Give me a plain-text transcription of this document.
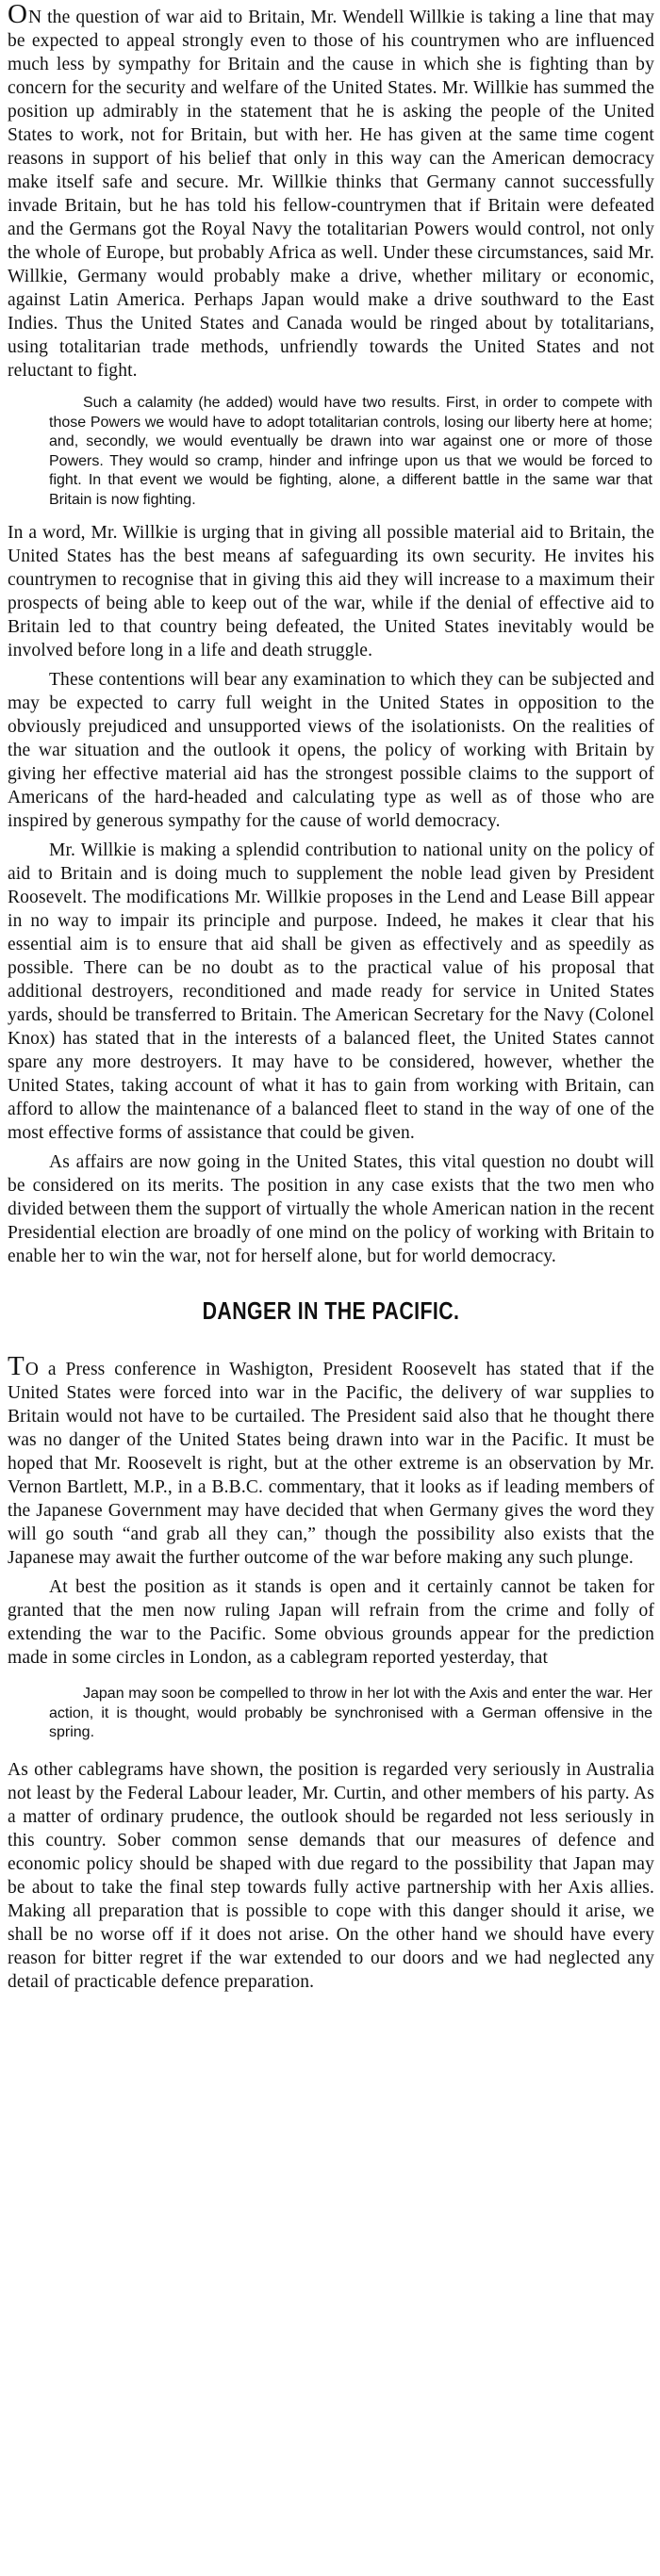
ON the question of war aid to Britain, Mr. Wendell Willkie is taking a line that may be expected to appeal strongly even to those of his countrymen who are influenced much less by sympathy for Britain and the cause in which she is fighting than by concern for the security and welfare of the United States. Mr. Willkie has summed the position up admirably in the statement that he is asking the people of the United States to work, not for Britain, but with her. He has given at the same time cogent reasons in support of his belief that only in this way can the American democracy make itself safe and secure. Mr. Willkie thinks that Germany cannot successfully invade Britain, but he has told his fellow-countrymen that if Britain were defeated and the Germans got the Royal Navy the totalitarian Powers would control, not only the whole of Europe, but probably Africa as well. Under these circumstances, said Mr. Willkie, Germany would probably make a drive, whether military or economic, against Latin America. Perhaps Japan would make a drive southward to the East Indies. Thus the United States and Canada would be ringed about by totalitarians, using totalitarian trade methods, unfriendly towards the United States and not reluctant to fight.

Such a calamity (he added) would have two results. First, in order to compete with those Powers we would have to adopt totalitarian controls, losing our liberty here at home; and, secondly, we would eventually be drawn into war against one or more of those Powers. They would so cramp, hinder and infringe upon us that we would be forced to fight. In that event we would be fighting, alone, a different battle in the same war that Britain is now fighting.

In a word, Mr. Willkie is urging that in giving all possible material aid to Britain, the United States has the best means af safeguarding its own security. He invites his countrymen to recognise that in giving this aid they will increase to a maximum their prospects of being able to keep out of the war, while if the denial of effective aid to Britain led to that country being defeated, the United States inevitably would be involved before long in a life and death struggle.

These contentions will bear any examination to which they can be subjected and may be expected to carry full weight in the United States in opposition to the obviously prejudiced and unsupported views of the isolationists. On the realities of the war situation and the outlook it opens, the policy of working with Britain by giving her effective material aid has the strongest possible claims to the support of Americans of the hard-headed and calculating type as well as of those who are inspired by generous sympathy for the cause of world democracy.

Mr. Willkie is making a splendid contribution to national unity on the policy of aid to Britain and is doing much to supplement the noble lead given by President Roosevelt. The modifications Mr. Willkie proposes in the Lend and Lease Bill appear in no way to impair its principle and purpose. Indeed, he makes it clear that his essential aim is to ensure that aid shall be given as effectively and as speedily as possible. There can be no doubt as to the practical value of his proposal that additional destroyers, reconditioned and made ready for service in United States yards, should be transferred to Britain. The American Secretary for the Navy (Colonel Knox) has stated that in the interests of a balanced fleet, the United States cannot spare any more destroyers. It may have to be considered, however, whether the United States, taking account of what it has to gain from working with Britain, can afford to allow the maintenance of a balanced fleet to stand in the way of one of the most effective forms of assistance that could be given.

As affairs are now going in the United States, this vital question no doubt will be considered on its merits. The position in any case exists that the two men who divided between them the support of virtually the whole American nation in the recent Presidential election are broadly of one mind on the policy of working with Britain to enable her to win the war, not for herself alone, but for world democracy.

DANGER IN THE PACIFIC.

TO a Press conference in Washigton, President Roosevelt has stated that if the United States were forced into war in the Pacific, the delivery of war supplies to Britain would not have to be curtailed. The President said also that he thought there was no danger of the United States being drawn into war in the Pacific. It must be hoped that Mr. Roosevelt is right, but at the other extreme is an observation by Mr. Vernon Bartlett, M.P., in a B.B.C. commentary, that it looks as if leading members of the Japanese Government may have decided that when Germany gives the word they will go south “and grab all they can,” though the possibility also exists that the Japanese may await the further outcome of the war before making any such plunge.

At best the position as it stands is open and it certainly cannot be taken for granted that the men now ruling Japan will refrain from the crime and folly of extending the war to the Pacific. Some obvious grounds appear for the prediction made in some circles in London, as a cablegram reported yesterday, that

Japan may soon be compelled to throw in her lot with the Axis and enter the war. Her action, it is thought, would probably be synchronised with a German offensive in the spring.

As other cablegrams have shown, the position is regarded very seriously in Australia not least by the Federal Labour leader, Mr. Curtin, and other members of his party. As a matter of ordinary prudence, the outlook should be regarded not less seriously in this country. Sober common sense demands that our measures of defence and economic policy should be shaped with due regard to the possibility that Japan may be about to take the final step towards fully active partnership with her Axis allies. Making all preparation that is possible to cope with this danger should it arise, we shall be no worse off if it does not arise. On the other hand we should have every reason for bitter regret if the war extended to our doors and we had neglected any detail of practicable defence preparation.
